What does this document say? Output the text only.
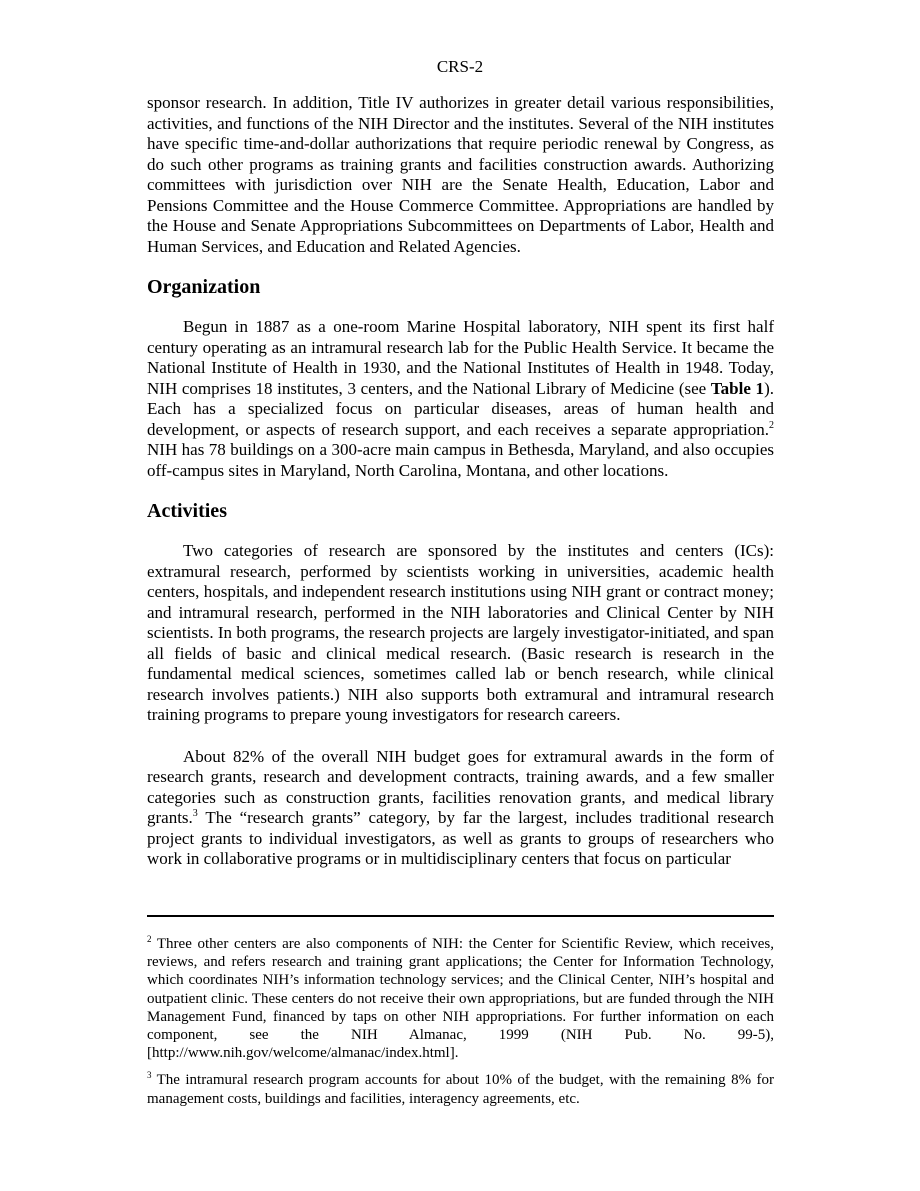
CRS-2

sponsor research. In addition, Title IV authorizes in greater detail various responsibilities, activities, and functions of the NIH Director and the institutes. Several of the NIH institutes have specific time-and-dollar authorizations that require periodic renewal by Congress, as do such other programs as training grants and facilities construction awards. Authorizing committees with jurisdiction over NIH are the Senate Health, Education, Labor and Pensions Committee and the House Commerce Committee. Appropriations are handled by the House and Senate Appropriations Subcommittees on Departments of Labor, Health and Human Services, and Education and Related Agencies.

Organization

Begun in 1887 as a one-room Marine Hospital laboratory, NIH spent its first half century operating as an intramural research lab for the Public Health Service. It became the National Institute of Health in 1930, and the National Institutes of Health in 1948. Today, NIH comprises 18 institutes, 3 centers, and the National Library of Medicine (see Table 1). Each has a specialized focus on particular diseases, areas of human health and development, or aspects of research support, and each receives a separate appropriation.$^2$ NIH has 78 buildings on a 300-acre main campus in Bethesda, Maryland, and also occupies off-campus sites in Maryland, North Carolina, Montana, and other locations.

Activities

Two categories of research are sponsored by the institutes and centers (ICs): extramural research, performed by scientists working in universities, academic health centers, hospitals, and independent research institutions using NIH grant or contract money; and intramural research, performed in the NIH laboratories and Clinical Center by NIH scientists. In both programs, the research projects are largely investigator-initiated, and span all fields of basic and clinical medical research. (Basic research is research in the fundamental medical sciences, sometimes called lab or bench research, while clinical research involves patients.) NIH also supports both extramural and intramural research training programs to prepare young investigators for research careers.

About 82% of the overall NIH budget goes for extramural awards in the form of research grants, research and development contracts, training awards, and a few smaller categories such as construction grants, facilities renovation grants, and medical library grants.$^3$ The “research grants” category, by far the largest, includes traditional research project grants to individual investigators, as well as grants to groups of researchers who work in collaborative programs or in multidisciplinary centers that focus on particular

$^2$ Three other centers are also components of NIH: the Center for Scientific Review, which receives, reviews, and refers research and training grant applications; the Center for Information Technology, which coordinates NIH’s information technology services; and the Clinical Center, NIH’s hospital and outpatient clinic. These centers do not receive their own appropriations, but are funded through the NIH Management Fund, financed by taps on other NIH appropriations. For further information on each component, see the NIH Almanac, 1999 (NIH Pub. No. 99-5), [http://www.nih.gov/welcome/almanac/index.html].

$^3$ The intramural research program accounts for about 10% of the budget, with the remaining 8% for management costs, buildings and facilities, interagency agreements, etc.
